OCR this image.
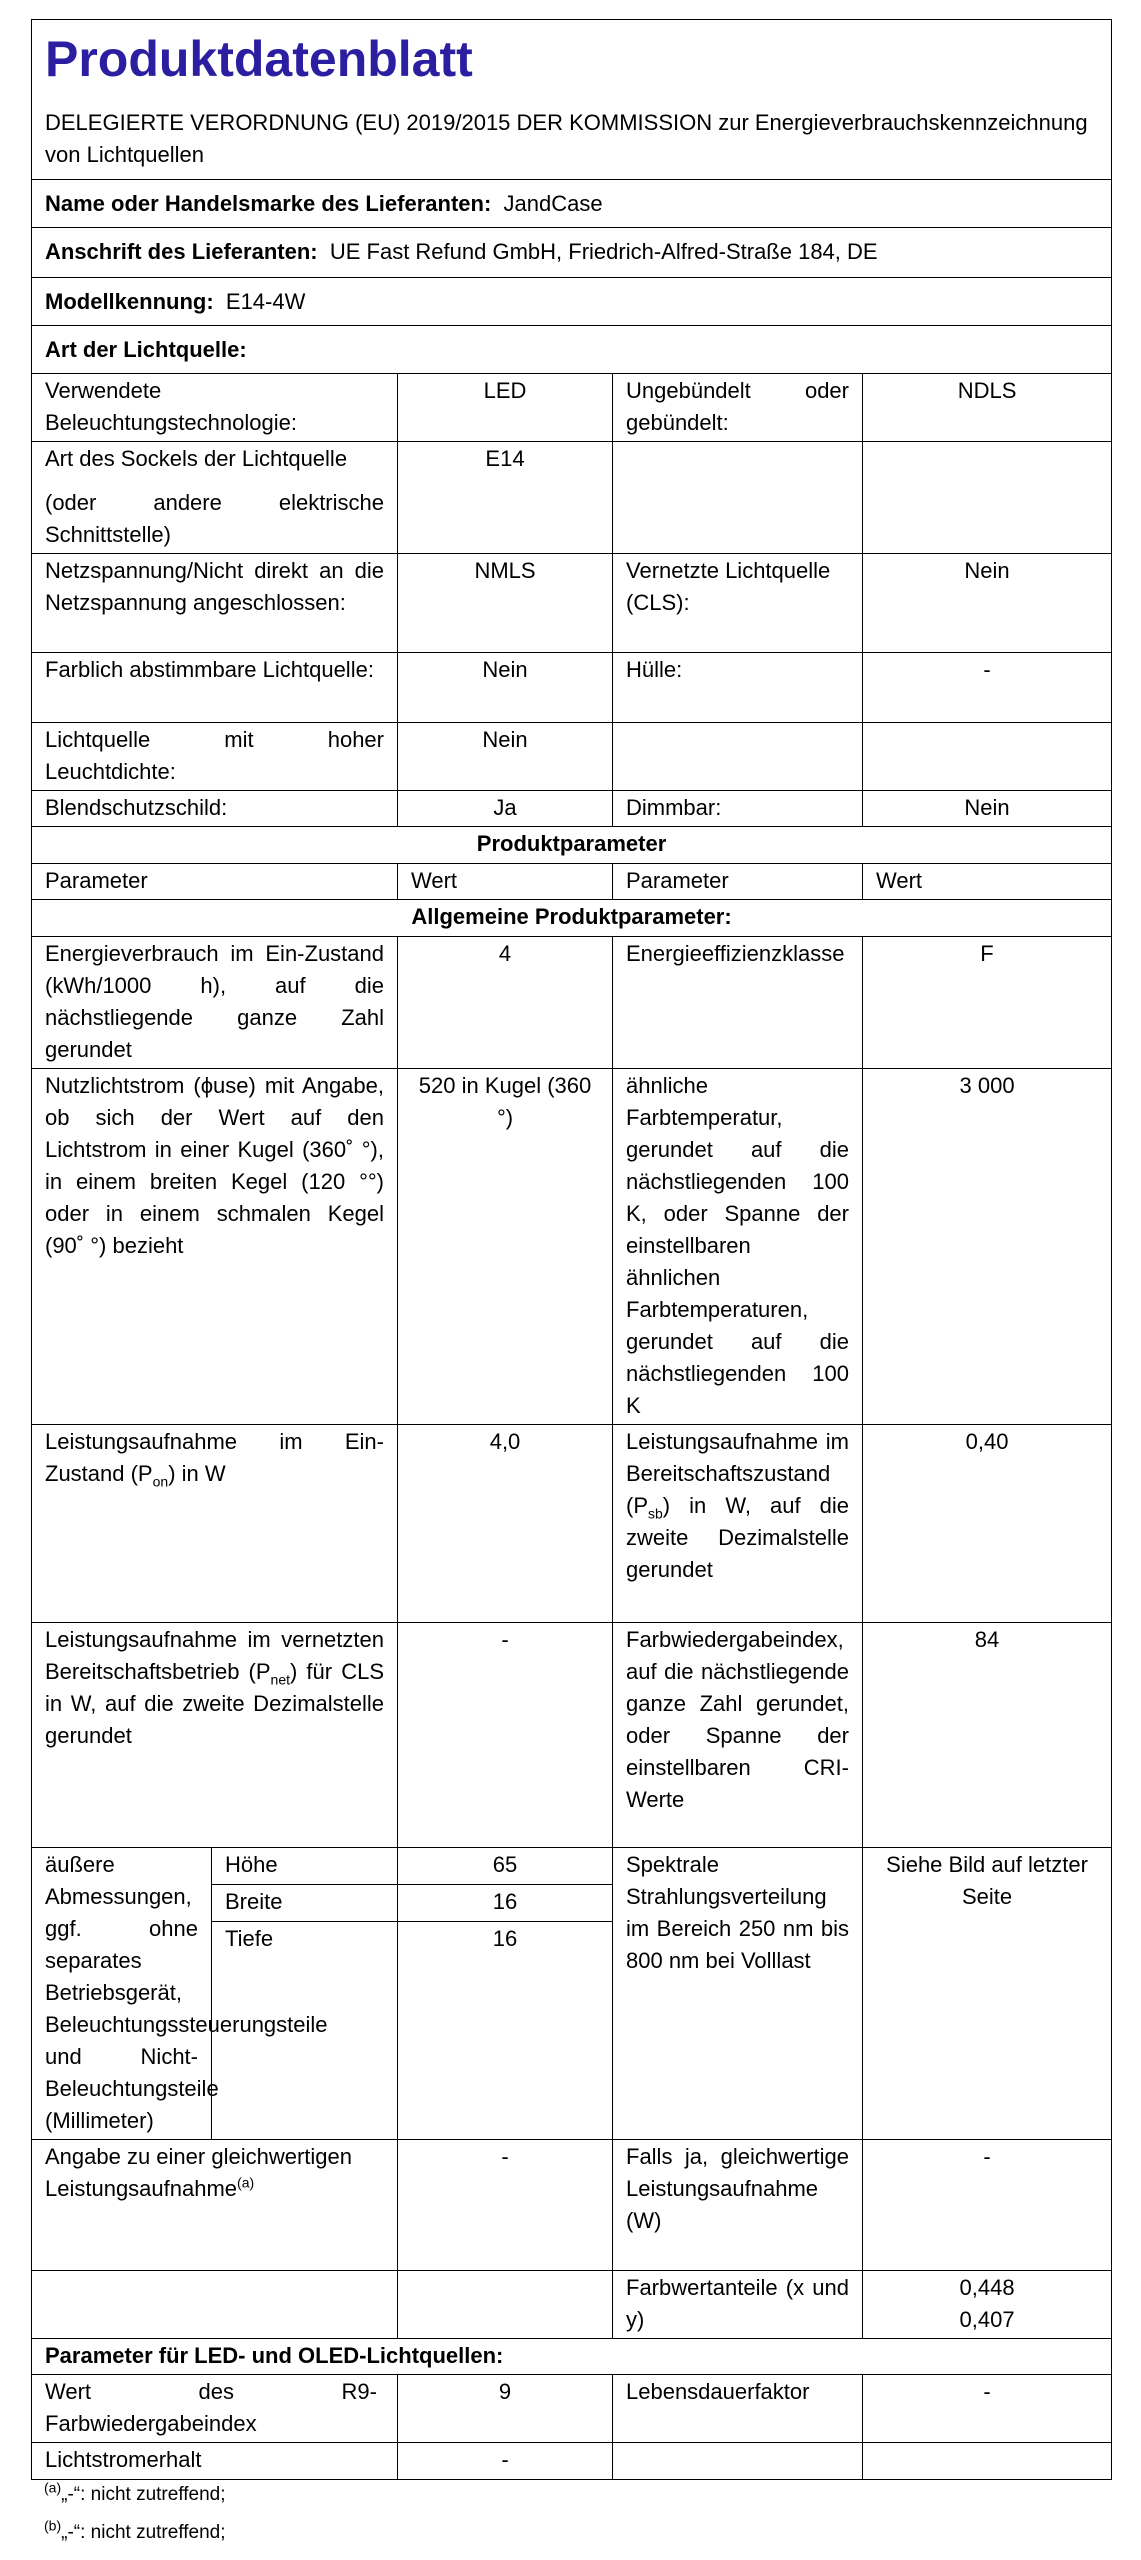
Produktdatenblatt
DELEGIERTE VERORDNUNG (EU) 2019/2015 DER KOMMISSION zur Energieverbrauchskennzeichnung von Lichtquellen				

Name oder Handelsmarke des Lieferanten: JandCase				
Anschrift des Lieferanten: UE Fast Refund GmbH, Friedrich-Alfred-Straße 184, DE				
Modellkennung: E14-4W				
Art der Lichtquelle:				
Verwendete Beleuchtungstechnologie:		LED	Ungebündelt oder gebündelt:	NDLS
Art des Sockels der Lichtquelle
(oder andere elektrische Schnittstelle)		E14		
Netzspannung/Nicht direkt an die Netzspannung angeschlossen:		NMLS	Vernetzte Lichtquelle (CLS):	Nein
Farblich abstimmbare Lichtquelle:		Nein	Hülle:	-
Lichtquelle mit hoher Leuchtdichte:		Nein		
Blendschutzschild:		Ja	Dimmbar:	Nein
Produktparameter				
Parameter		Wert	Parameter	Wert
Allgemeine Produktparameter:				
Energieverbrauch im Ein-Zustand (kWh/1000 h), auf die nächstliegende ganze Zahl gerundet		4	Energieeffizienzklasse	F
Nutzlichtstrom (ϕuse) mit Angabe, ob sich der Wert auf den Lichtstrom in einer Kugel (360˚ °), in einem breiten Kegel (120 °°) oder in einem schmalen Kegel (90˚ °) bezieht		520 in Kugel (360 °)	ähnliche Farbtemperatur, gerundet auf die nächstliegenden 100 K, oder Spanne der einstellbaren ähnlichen Farbtemperaturen, gerundet auf die nächstliegenden 100 K	3 000
Leistungsaufnahme im Ein-Zustand $(P_{on})$ in W		4,0	Leistungsaufnahme im Bereitschaftszustand $(P_{sb})$ in W, auf die zweite Dezimalstelle gerundet	0,40
Leistungsaufnahme im vernetzten Bereitschaftsbetrieb $(P_{net})$ für CLS in W, auf die zweite Dezimalstelle gerundet		-	Farbwiedergabeindex, auf die nächstliegende ganze Zahl gerundet, oder Spanne der einstellbaren CRI-Werte	84
äußere Abmessungen, ggf. ohne separates Betriebsgerät, Beleuchtungssteuerungsteile und Nicht-Beleuchtungsteile (Millimeter)	Höhe	65	Spektrale Strahlungsverteilung im Bereich 250 nm bis 800 nm bei Volllast	Siehe Bild auf letzter Seite
	Breite	16		
	Tiefe	16		
Angabe zu einer gleichwertigen Leistungsaufnahme$^{(a)}$		-	Falls ja, gleichwertige Leistungsaufnahme (W)	-
			Farbwertanteile (x und y)	0,448
0,407

Parameter für LED- und OLED-Lichtquellen:				
Wert des R9-Farbwiedergabeindex		9	Lebensdauerfaktor	-
Lichtstromerhalt		-		
$^{(a)}$„-“: nicht zutreffend;
$^{(b)}$„-“: nicht zutreffend;
